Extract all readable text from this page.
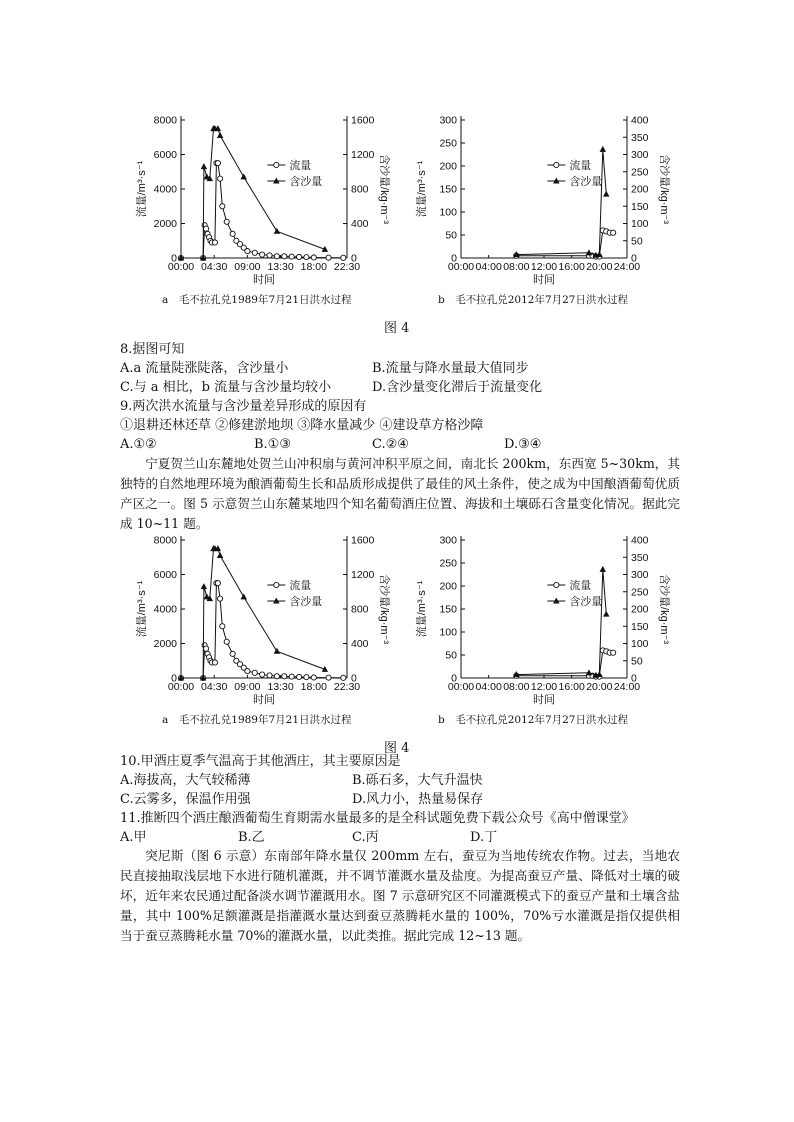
0
2000
4000
6000
8000
0
400
800
1200
1600
00:00 04:30 09:00 13:30 18:00 22:30
时间
流量/m³·s⁻¹	含沙量/kg·m⁻³
流量
含沙量
0
50
100
150
200
250
300
0
50
100
150
200
250
300
350
400
00:00 04:00 08:00 12:00 16:00 20:00 24:00
时间
流量/m³·s⁻¹	含沙量/kg·m⁻³
流量
含沙量
a　毛不拉孔兑1989年7月21日洪水过程	b　毛不拉孔兑2012年7月27日洪水过程
图 4
8.据图可知
A.a 流量陡涨陡落，含沙量小	B.流量与降水量最大值同步
C.与 a 相比，b 流量与含沙量均较小	D.含沙量变化滞后于流量变化
9.两次洪水流量与含沙量差异形成的原因有
①退耕还林还草 ②修建淤地坝 ③降水量减少 ④建设草方格沙障
A.①②	B.①③	C.②④	D.③④
宁夏贺兰山东麓地处贺兰山冲积扇与黄河冲积平原之间，南北长 200km，东西宽 5~30km，其独特的自然地理环境为酿酒葡萄生长和品质形成提供了最佳的风土条件，使之成为中国酿酒葡萄优质产区之一。图 5 示意贺兰山东麓某地四个知名葡萄酒庄位置、海拔和土壤砾石含量变化情况。据此完成 10~11 题。
0
2000
4000
6000
8000
0
400
800
1200
1600
00:00 04:30 09:00 13:30 18:00 22:30
时间
流量/m³·s⁻¹	含沙量/kg·m⁻³
流量
含沙量
0
50
100
150
200
250
300
0
50
100
150
200
250
300
350
400
00:00 04:00 08:00 12:00 16:00 20:00 24:00
时间
流量/m³·s⁻¹	含沙量/kg·m⁻³
流量
含沙量
a　毛不拉孔兑1989年7月21日洪水过程	b　毛不拉孔兑2012年7月27日洪水过程
图 4
10.甲酒庄夏季气温高于其他酒庄，其主要原因是
A.海拔高，大气较稀薄	B.砾石多，大气升温快
C.云雾多，保温作用强	D.风力小，热量易保存
11.推断四个酒庄酿酒葡萄生育期需水量最多的是全科试题免费下载公众号《高中僧课堂》
A.甲	B.乙	C.丙	D.丁
突尼斯（图 6 示意）东南部年降水量仅 200mm 左右，蚕豆为当地传统农作物。过去，当地农民直接抽取浅层地下水进行随机灌溉，并不调节灌溉水量及盐度。为提高蚕豆产量、降低对土壤的破坏，近年来农民通过配备淡水调节灌溉用水。图 7 示意研究区不同灌溉模式下的蚕豆产量和土壤含盐量，其中 100%足额灌溉是指灌溉水量达到蚕豆蒸腾耗水量的 100%，70%亏水灌溉是指仅提供相当于蚕豆蒸腾耗水量 70%的灌溉水量，以此类推。据此完成 12~13 题。
